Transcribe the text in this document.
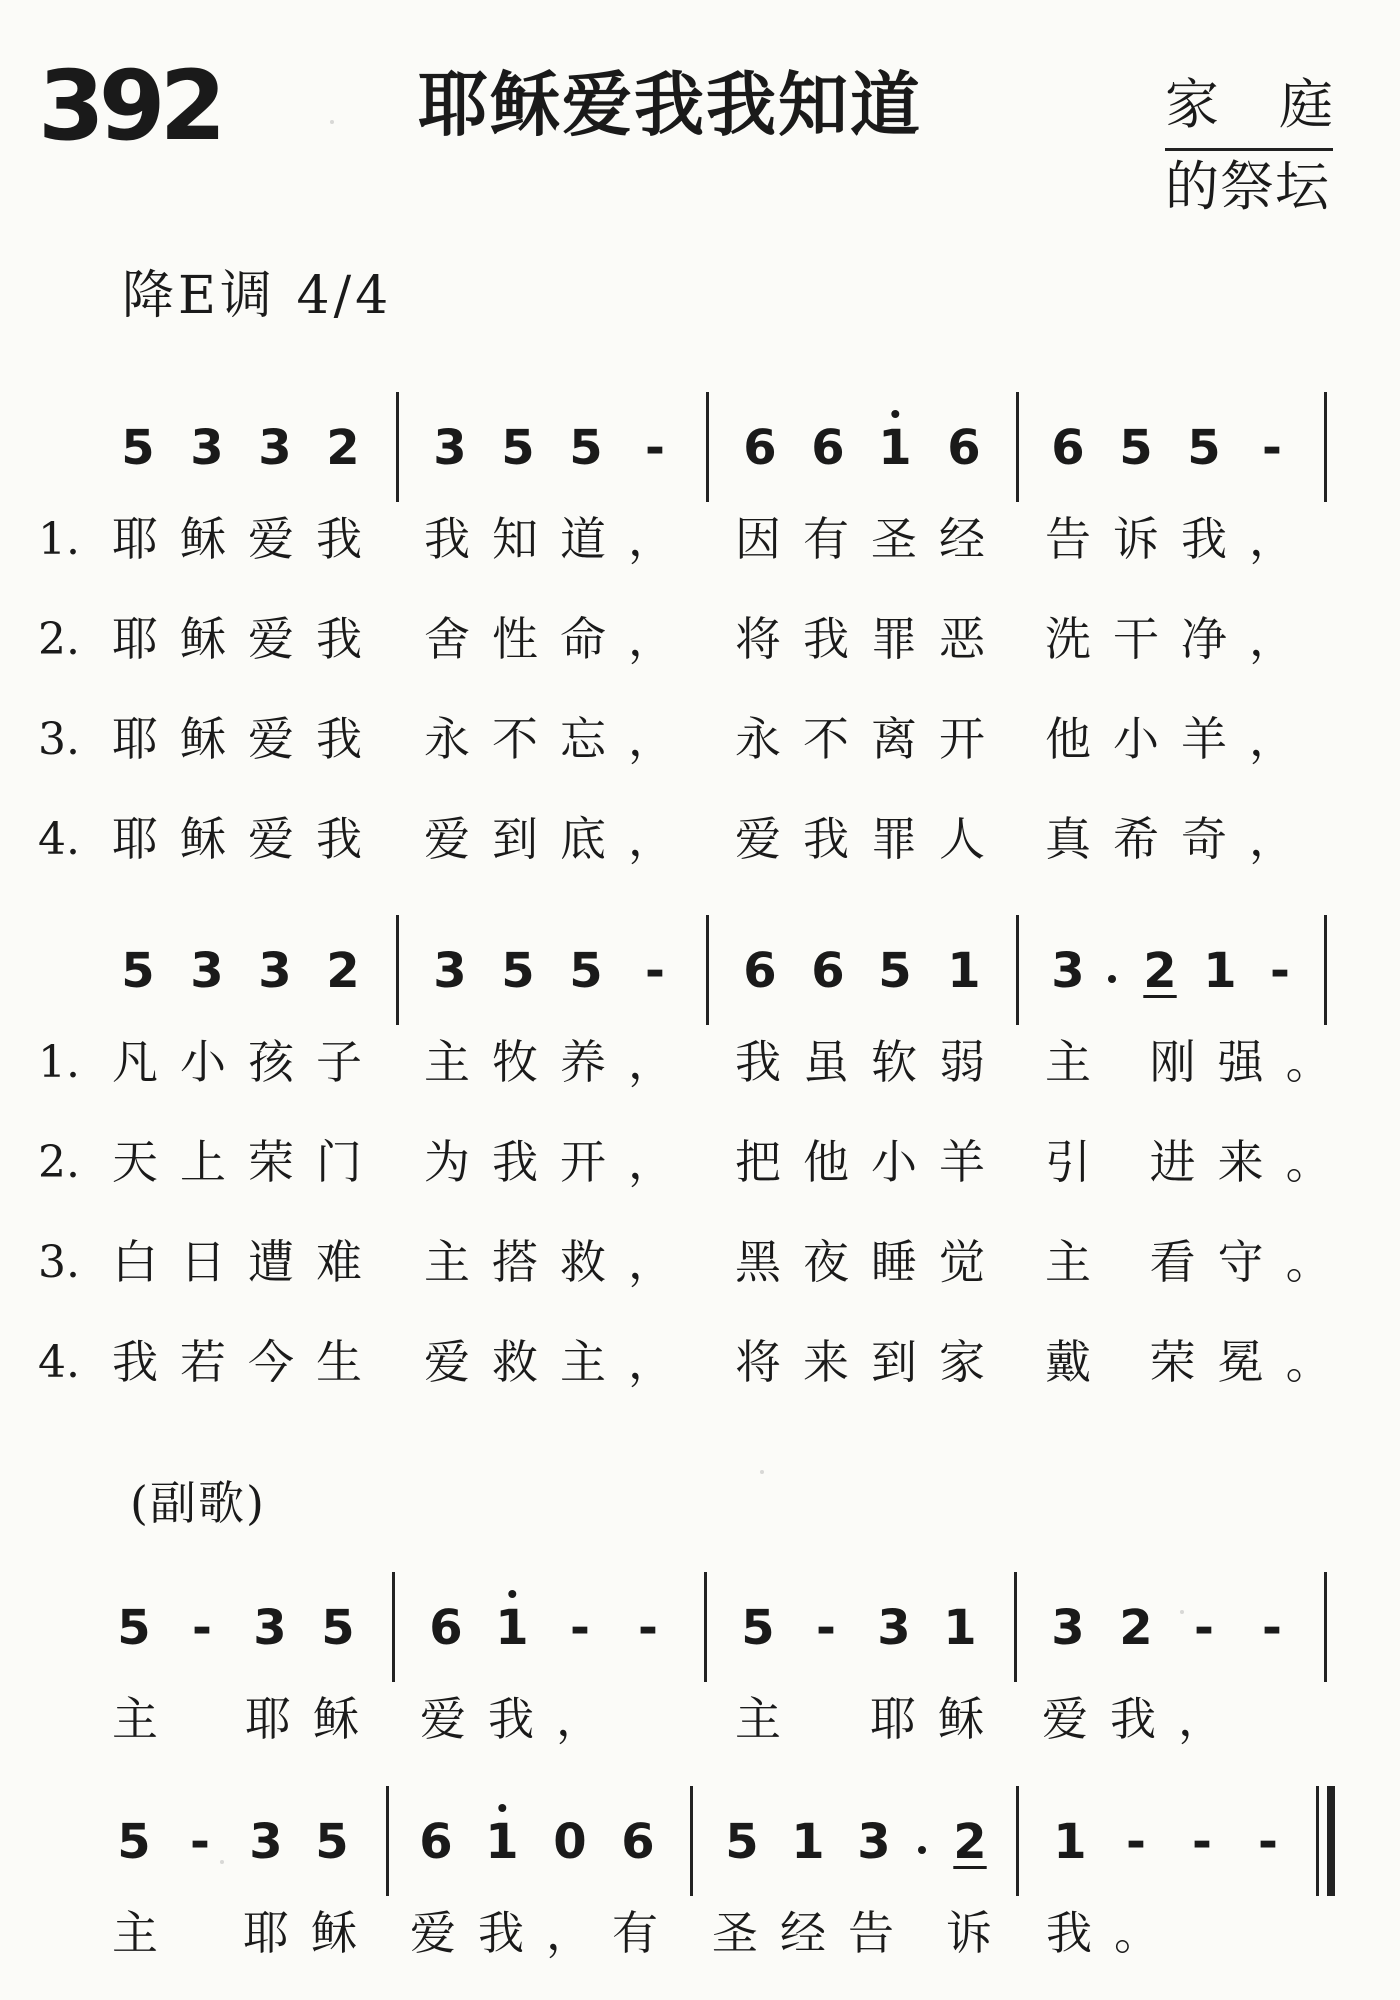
392	耶稣爱我我知道	家 庭
的祭坛
降E调 4/4
5 3 3 2 3 5 5 - 6 6 1 6 6 5 5 -
1. 耶稣爱我 我知道， 因有圣经 告诉我，
2. 耶稣爱我 舍性命， 将我罪恶 洗干净，
3. 耶稣爱我 永不忘， 永不离开 他小羊，
4. 耶稣爱我 爱到底， 爱我罪人 真希奇，
5 3 3 2 3 5 5 - 6 6 5 1 3 2 1 -
1. 凡小孩子 主牧养， 我虽软弱 主 刚强。
2. 天上荣门 为我开， 把他小羊 引 进来。
3. 白日遭难 主搭救， 黑夜睡觉 主 看守。
4. 我若今生 爱救主， 将来到家 戴 荣冕。
(副歌)
5 - 3 5 6 1 - - 5 - 3 1 3 2 - -
主 耶稣 爱我， 主 耶稣 爱我，
5 - 3 5 6 1 0 6 5 1 3 2 1 - - -
主 耶稣 爱我，
有 圣经告 诉 我。
